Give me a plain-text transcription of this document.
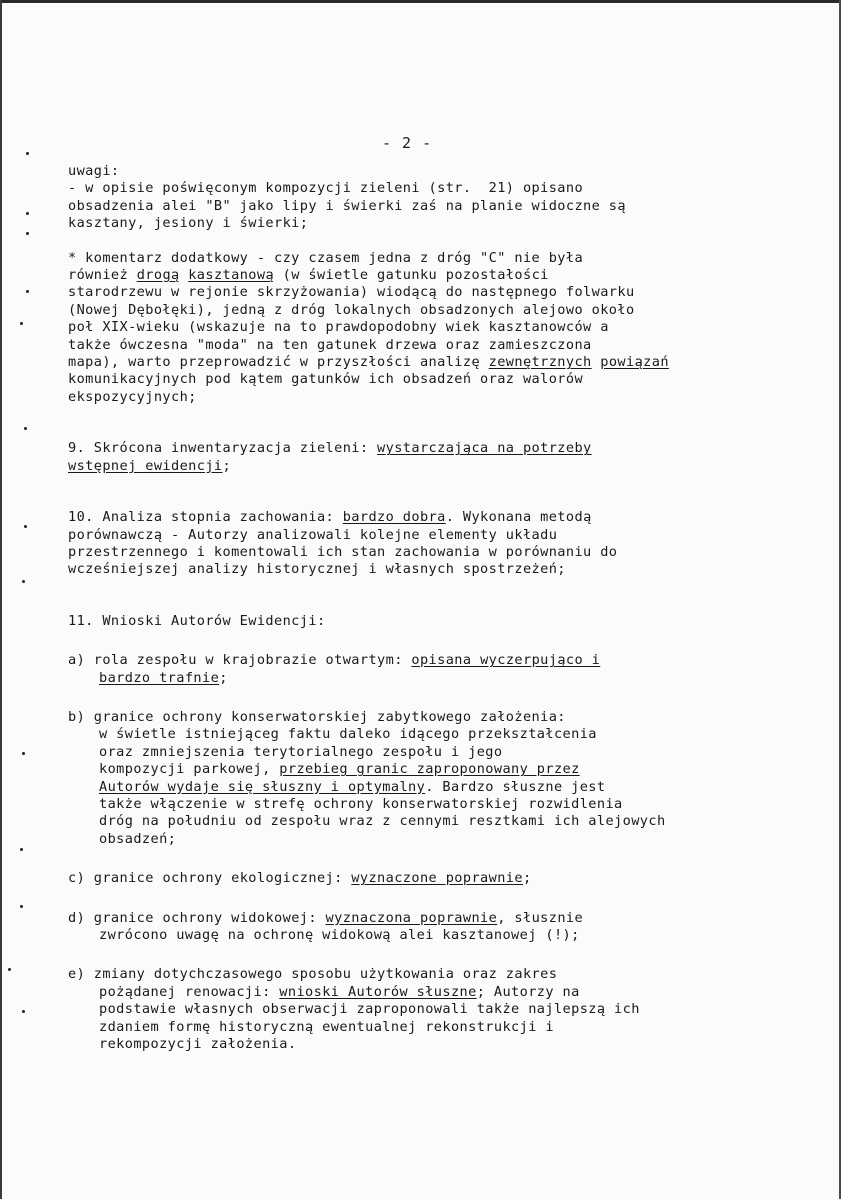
- 2 -
uwagi:
- w opisie poświęconym kompozycji zieleni (str.  21) opisano
obsadzenia alei "B" jako lipy i świerki zaś na planie widoczne są
kasztany, jesiony i świerki;
* komentarz dodatkowy - czy czasem jedna z dróg "C" nie była
również drogą kasztanową (w świetle gatunku pozostałości
starodrzewu w rejonie skrzyżowania) wiodącą do następnego folwarku
(Nowej Dębołęki), jedną z dróg lokalnych obsadzonych alejowo około
poł XIX-wieku (wskazuje na to prawdopodobny wiek kasztanowców a
także ówczesna "moda" na ten gatunek drzewa oraz zamieszczona
mapa), warto przeprowadzić w przyszłości analizę zewnętrznych powiązań
komunikacyjnych pod kątem gatunków ich obsadzeń oraz walorów
ekspozycyjnych;
9. Skrócona inwentaryzacja zieleni: wystarczająca na potrzeby
wstępnej ewidencji;
10. Analiza stopnia zachowania: bardzo dobra. Wykonana metodą
porównawczą - Autorzy analizowali kolejne elementy układu
przestrzennego i komentowali ich stan zachowania w porównaniu do
wcześniejszej analizy historycznej i własnych spostrzeżeń;
11. Wnioski Autorów Ewidencji:
a) rola zespołu w krajobrazie otwartym: opisana wyczerpująco i
bardzo trafnie;
b) granice ochrony konserwatorskiej zabytkowego założenia:
w świetle istniejąceg faktu daleko idącego przekształcenia
oraz zmniejszenia terytorialnego zespołu i jego
kompozycji parkowej, przebieg granic zaproponowany przez
Autorów wydaje się słuszny i optymalny. Bardzo słuszne jest
także włączenie w strefę ochrony konserwatorskiej rozwidlenia
dróg na południu od zespołu wraz z cennymi resztkami ich alejowych
obsadzeń;
c) granice ochrony ekologicznej: wyznaczone poprawnie;
d) granice ochrony widokowej: wyznaczona poprawnie, słusznie
zwrócono uwagę na ochronę widokową alei kasztanowej (!);
e) zmiany dotychczasowego sposobu użytkowania oraz zakres
pożądanej renowacji: wnioski Autorów słuszne; Autorzy na
podstawie własnych obserwacji zaproponowali także najlepszą ich
zdaniem formę historyczną ewentualnej rekonstrukcji i
rekompozycji założenia.
